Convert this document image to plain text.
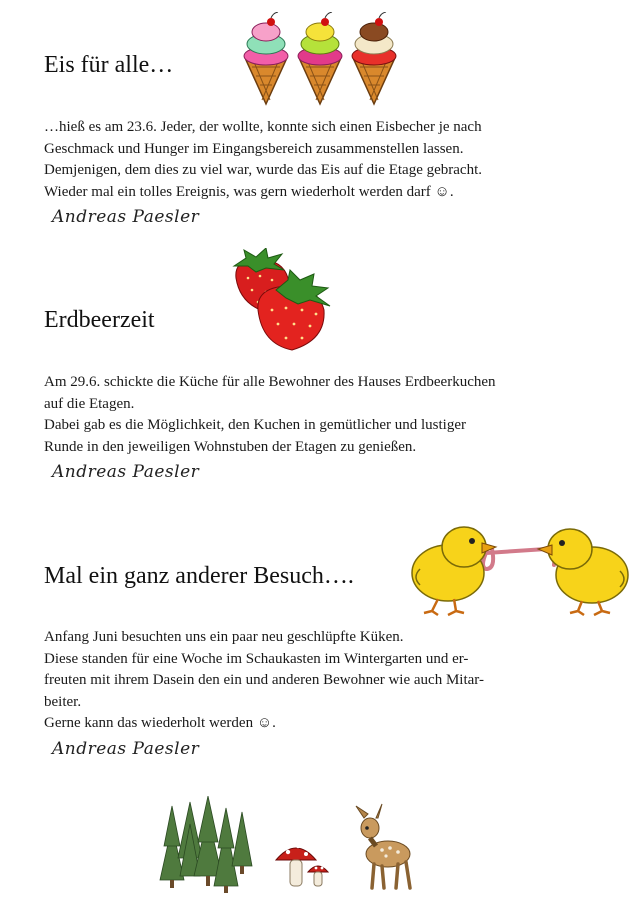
Eis für alle…
…hieß es am 23.6. Jeder, der wollte, konnte sich einen Eisbecher je nach
Geschmack und Hunger im Eingangsbereich zusammenstellen lassen.
Demjenigen, dem dies zu viel war, wurde das Eis auf die Etage gebracht.
Wieder mal ein tolles Ereignis, was gern wiederholt werden darf ☺.
Andreas Paesler
Erdbeerzeit
Am 29.6. schickte die Küche für alle Bewohner des Hauses Erdbeerkuchen
auf die Etagen.
Dabei gab es die Möglichkeit, den Kuchen in gemütlicher und lustiger
Runde in den jeweiligen Wohnstuben der Etagen zu genießen.
Andreas Paesler
Mal ein ganz anderer Besuch….
Anfang Juni besuchten uns ein paar neu geschlüpfte Küken.
Diese standen für eine Woche im Schaukasten im Wintergarten und er-
freuten mit ihrem Dasein den ein und anderen Bewohner wie auch Mitar-
beiter.
Gerne kann das wiederholt werden ☺.
Andreas Paesler
